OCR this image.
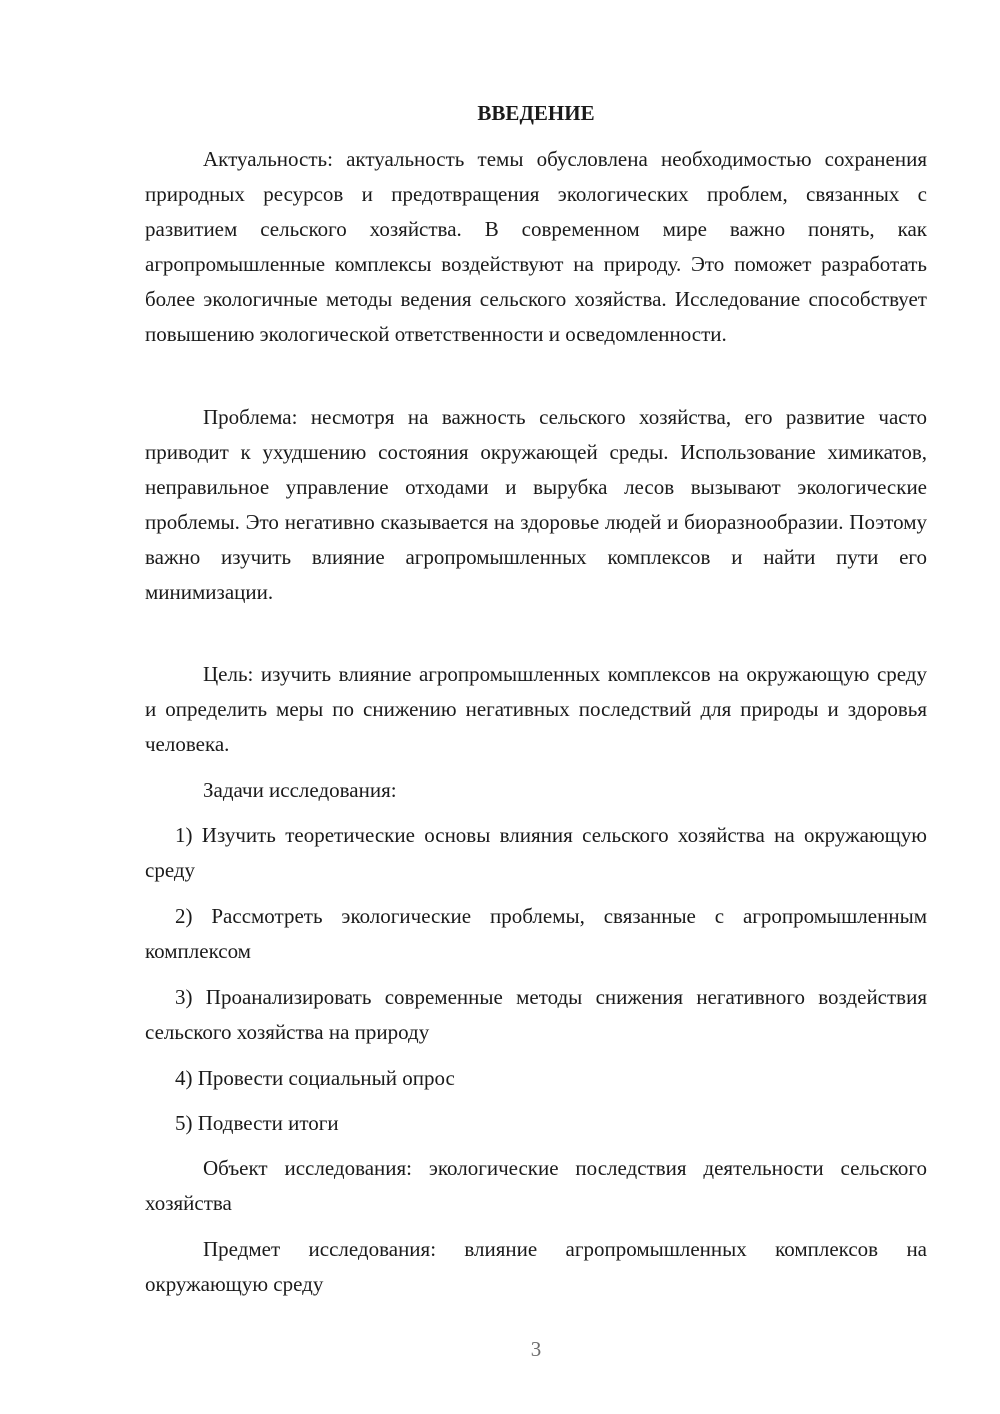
ВВЕДЕНИЕ

Актуальность: актуальность темы обусловлена необходимостью сохранения природных ресурсов и предотвращения экологических проблем, связанных с развитием сельского хозяйства. В современном мире важно понять, как агропромышленные комплексы воздействуют на природу. Это поможет разработать более экологичные методы ведения сельского хозяйства. Исследование способствует повышению экологической ответственности и осведомленности.

Проблема: несмотря на важность сельского хозяйства, его развитие часто приводит к ухудшению состояния окружающей среды. Использование химикатов, неправильное управление отходами и вырубка лесов вызывают экологические проблемы. Это негативно сказывается на здоровье людей и биоразнообразии. Поэтому важно изучить влияние агропромышленных комплексов и найти пути его минимизации.

Цель: изучить влияние агропромышленных комплексов на окружающую среду и определить меры по снижению негативных последствий для природы и здоровья человека.

Задачи исследования:

1) Изучить теоретические основы влияния сельского хозяйства на окружающую среду

2) Рассмотреть экологические проблемы, связанные с агропромышленным комплексом

3) Проанализировать современные методы снижения негативного воздействия сельского хозяйства на природу

4) Провести социальный опрос

5) Подвести итоги

Объект исследования: экологические последствия деятельности сельского хозяйства

Предмет исследования: влияние агропромышленных комплексов на окружающую среду

3
